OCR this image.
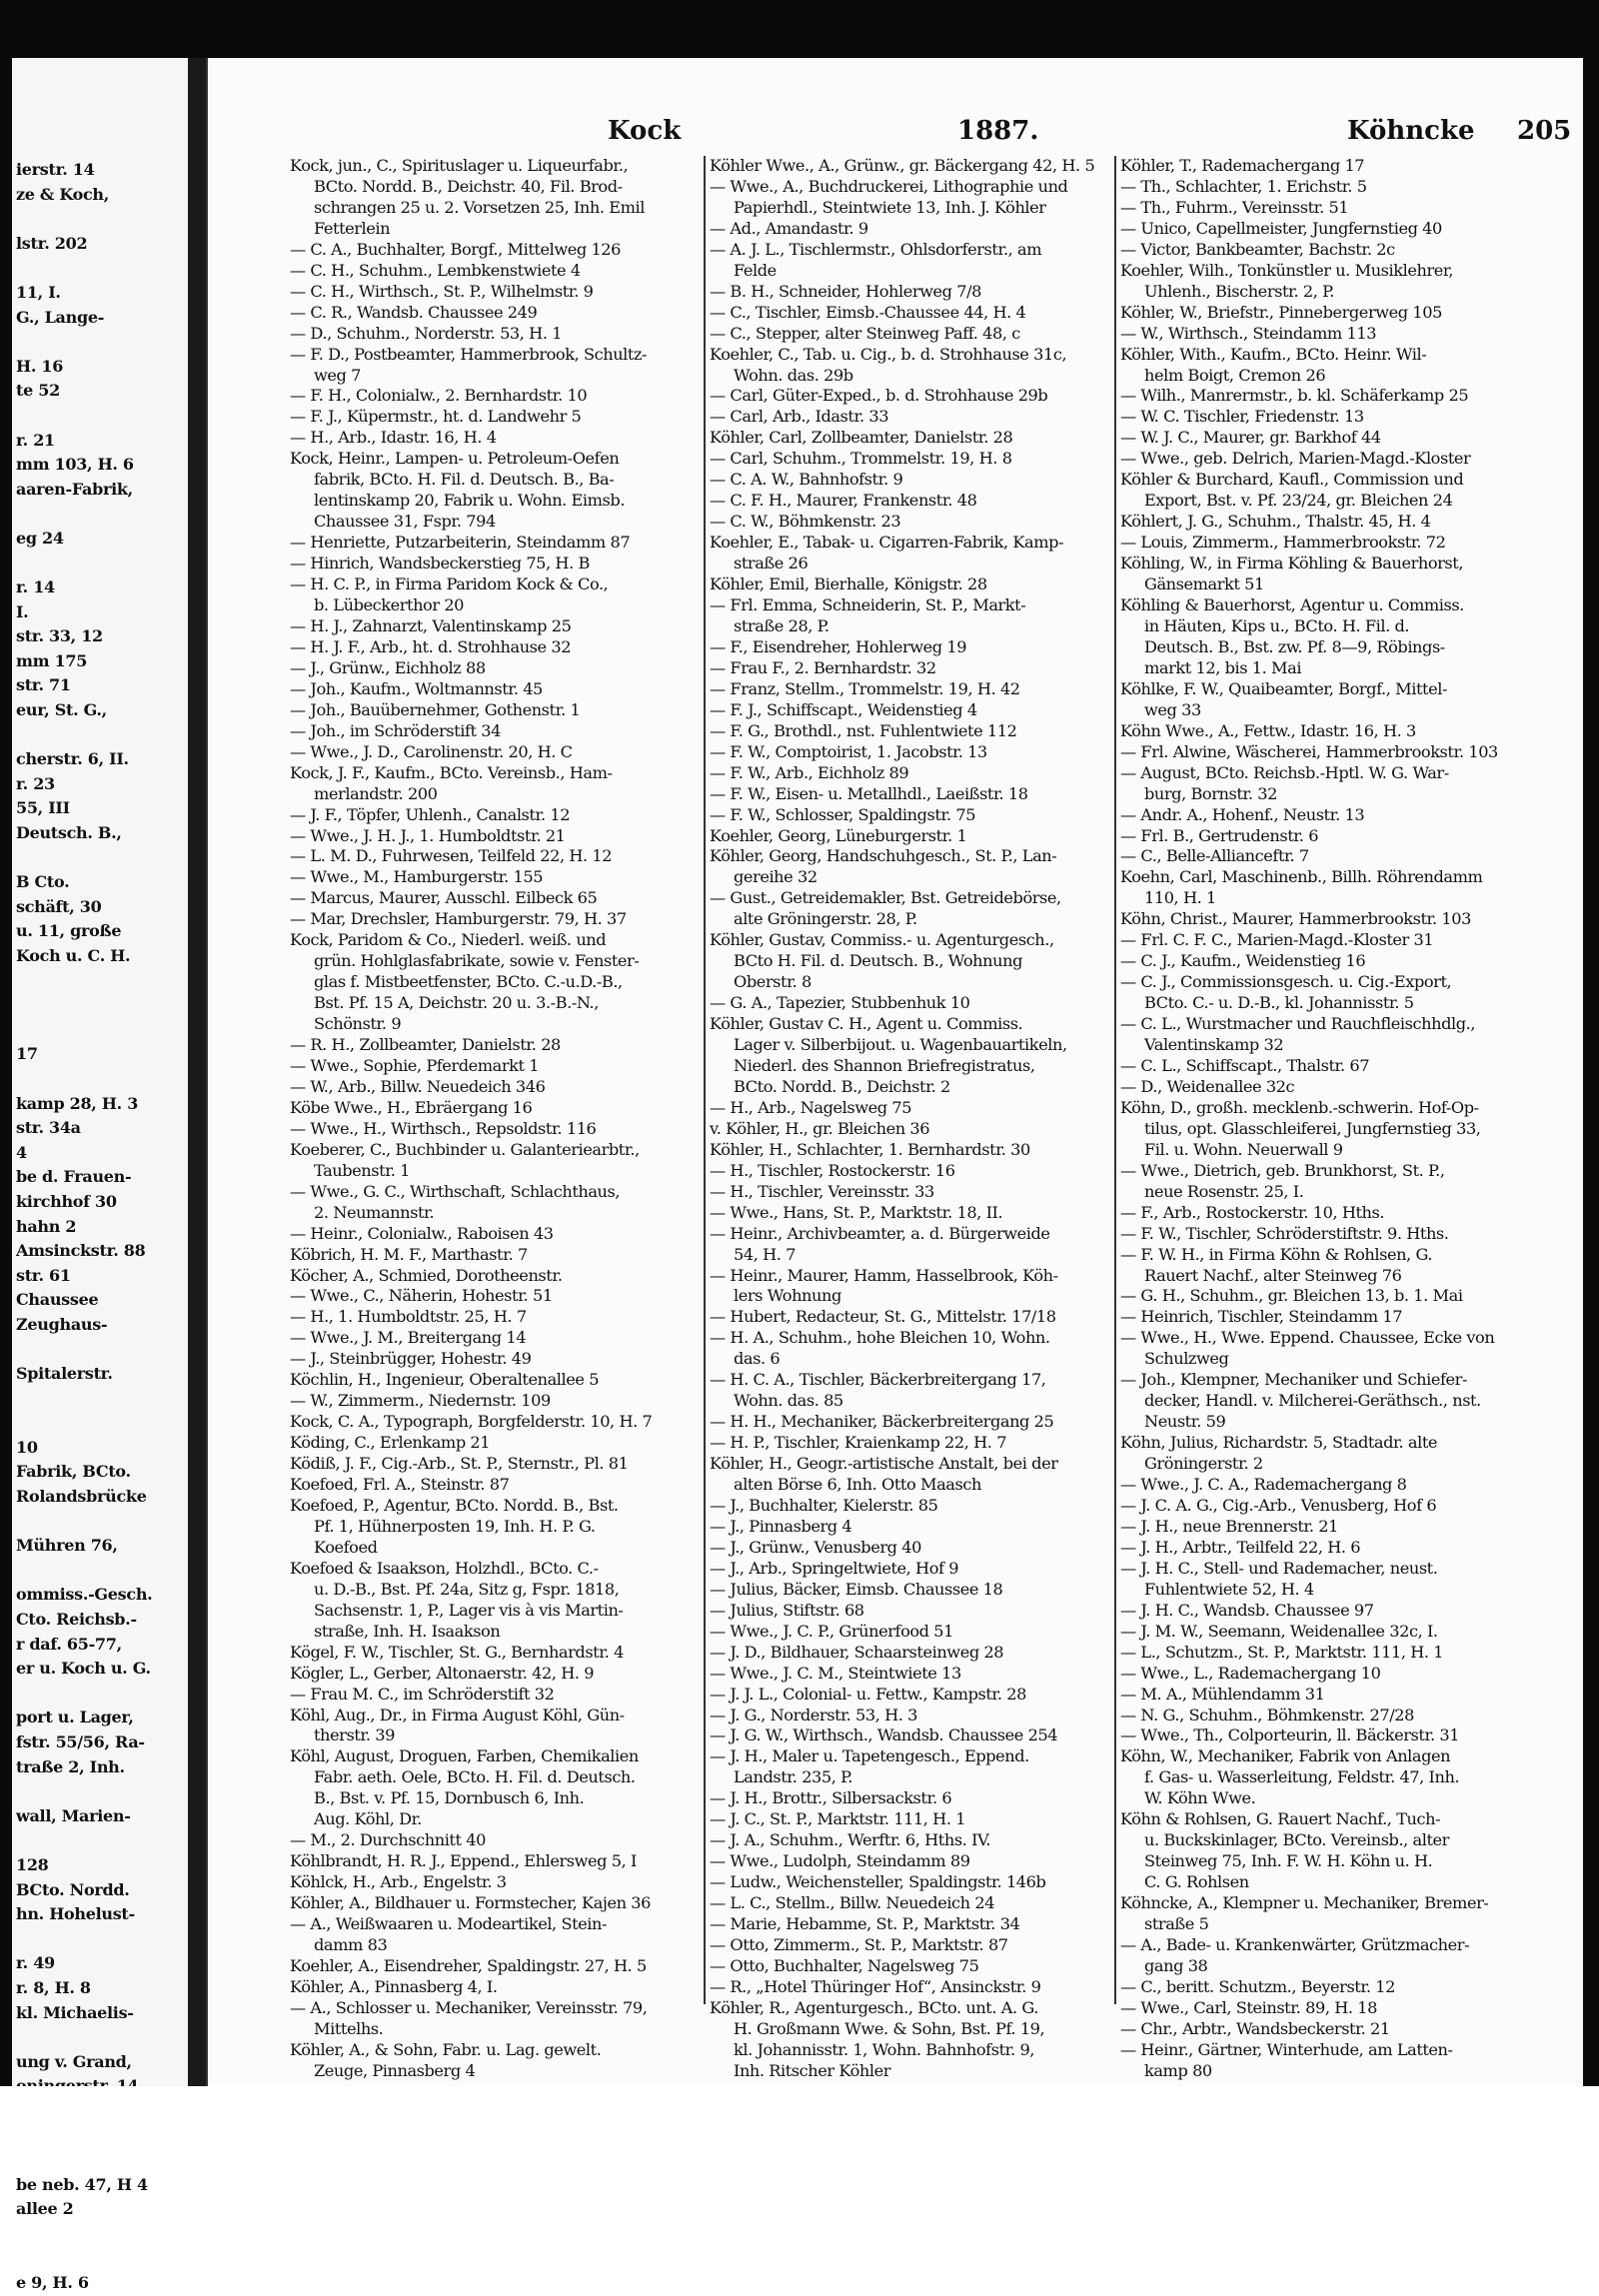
ierstr. 14
ze & Koch,

lstr. 202

11, I.
G., Lange-

H. 16
te 52

r. 21
mm 103, H. 6
aaren-Fabrik,

eg 24

r. 14
I.
str. 33, 12
mm 175
str. 71
eur, St. G.,

cherstr. 6, II.
r. 23
55, III
Deutsch. B.,

B Cto.
schäft, 30
u. 11, große
Koch u. C. H.

17

kamp 28, H. 3
str. 34a
4
be d. Frauen-
kirchhof 30
hahn 2
Amsinckstr. 88
str. 61
Chaussee
Zeughaus-

Spitalerstr.

10
Fabrik, BCto.
Rolandsbrücke

Mühren 76,

ommiss.-Gesch.
Cto. Reichsb.-
r daf. 65-77,
er u. Koch u. G.

port u. Lager,
fstr. 55/56, Ra-
traße 2, Inh.

wall, Marien-

128
BCto. Nordd.
hn. Hohelust-

r. 49
r. 8, H. 8
kl. Michaelis-

ung v. Grand,

be neb. 47, H 4
allee 2

e 9, H. 6
Kock	1887.	Köhncke 205
Kock, jun., C., Spirituslager u. Liqueurfabr.,
BCto. Nordd. B., Deichstr. 40, Fil. Brod-
schrangen 25 u. 2. Vorsetzen 25, Inh. Emil
Fetterlein
— C. A., Buchhalter, Borgf., Mittelweg 126
— C. H., Schuhm., Lembkenstwiete 4
— C. H., Wirthsch., St. P., Wilhelmstr. 9
— C. R., Wandsb. Chaussee 249
— D., Schuhm., Norderstr. 53, H. 1
— F. D., Postbeamter, Hammerbrook, Schultz-
weg 7
— F. H., Colonialw., 2. Bernhardstr. 10
— F. J., Küpermstr., ht. d. Landwehr 5
— H., Arb., Idastr. 16, H. 4
Kock, Heinr., Lampen- u. Petroleum-Oefen
fabrik, BCto. H. Fil. d. Deutsch. B., Ba-
lentinskamp 20, Fabrik u. Wohn. Eimsb.
Chaussee 31, Fspr. 794
— Henriette, Putzarbeiterin, Steindamm 87
— Hinrich, Wandsbeckerstieg 75, H. B
— H. C. P., in Firma Paridom Kock & Co.,
b. Lübeckerthor 20
— H. J., Zahnarzt, Valentinskamp 25
— H. J. F., Arb., ht. d. Strohhause 32
— J., Grünw., Eichholz 88
— Joh., Kaufm., Woltmannstr. 45
— Joh., Bauübernehmer, Gothenstr. 1
— Joh., im Schröderstift 34
— Wwe., J. D., Carolinenstr. 20, H. C
Kock, J. F., Kaufm., BCto. Vereinsb., Ham-
merlandstr. 200
— J. F., Töpfer, Uhlenh., Canalstr. 12
— Wwe., J. H. J., 1. Humboldtstr. 21
— L. M. D., Fuhrwesen, Teilfeld 22, H. 12
— Wwe., M., Hamburgerstr. 155
— Marcus, Maurer, Ausschl. Eilbeck 65
— Mar, Drechsler, Hamburgerstr. 79, H. 37
Kock, Paridom & Co., Niederl. weiß. und
grün. Hohlglasfabrikate, sowie v. Fenster-
glas f. Mistbeetfenster, BCto. C.-u.D.-B.,
Bst. Pf. 15 A, Deichstr. 20 u. 3.-B.-N.,
Schönstr. 9
— R. H., Zollbeamter, Danielstr. 28
— Wwe., Sophie, Pferdemarkt 1
— W., Arb., Billw. Neuedeich 346
Köbe Wwe., H., Ebräergang 16
— Wwe., H., Wirthsch., Repsoldstr. 116
Koeberer, C., Buchbinder u. Galanteriearbtr.,
Taubenstr. 1
— Wwe., G. C., Wirthschaft, Schlachthaus,
2. Neumannstr.
— Heinr., Colonialw., Raboisen 43
Köbrich, H. M. F., Marthastr. 7
Köcher, A., Schmied, Dorotheenstr.
— Wwe., C., Näherin, Hohestr. 51
— H., 1. Humboldtstr. 25, H. 7
— Wwe., J. M., Breitergang 14
— J., Steinbrügger, Hohestr. 49
Köchlin, H., Ingenieur, Oberaltenallee 5
— W., Zimmerm., Niedernstr. 109
Kock, C. A., Typograph, Borgfelderstr. 10, H. 7
Köding, C., Erlenkamp 21
Ködiß, J. F., Cig.-Arb., St. P., Sternstr., Pl. 81
Koefoed, Frl. A., Steinstr. 87
Koefoed, P., Agentur, BCto. Nordd. B., Bst.
Pf. 1, Hühnerposten 19, Inh. H. P. G.
Koefoed
Koefoed & Isaakson, Holzhdl., BCto. C.-
u. D.-B., Bst. Pf. 24a, Sitz g, Fspr. 1818,
Sachsenstr. 1, P., Lager vis à vis Martin-
straße, Inh. H. Isaakson
Kögel, F. W., Tischler, St. G., Bernhardstr. 4
Kögler, L., Gerber, Altonaerstr. 42, H. 9
— Frau M. C., im Schröderstift 32
Köhl, Aug., Dr., in Firma August Köhl, Gün-
therstr. 39
Köhl, August, Droguen, Farben, Chemikalien
Fabr. aeth. Oele, BCto. H. Fil. d. Deutsch.
B., Bst. v. Pf. 15, Dornbusch 6, Inh.
Aug. Köhl, Dr.
— M., 2. Durchschnitt 40
Köhlbrandt, H. R. J., Eppend., Ehlersweg 5, I
Köhlck, H., Arb., Engelstr. 3
Köhler, A., Bildhauer u. Formstecher, Kajen 36
— A., Weißwaaren u. Modeartikel, Stein-
damm 83
Koehler, A., Eisendreher, Spaldingstr. 27, H. 5
Köhler, A., Pinnasberg 4, I.
— A., Schlosser u. Mechaniker, Vereinsstr. 79,
Mittelhs.
Köhler, A., & Sohn, Fabr. u. Lag. gewelt.
Zeuge, Pinnasberg 4
Köhler Wwe., A., Grünw., gr. Bäckergang 42, H. 5
— Wwe., A., Buchdruckerei, Lithographie und
Papierhdl., Steintwiete 13, Inh. J. Köhler
— Ad., Amandastr. 9
— A. J. L., Tischlermstr., Ohlsdorferstr., am
Felde
— B. H., Schneider, Hohlerweg 7/8
— C., Tischler, Eimsb.-Chaussee 44, H. 4
— C., Stepper, alter Steinweg Paff. 48, c
Koehler, C., Tab. u. Cig., b. d. Strohhause 31c,
Wohn. das. 29b
— Carl, Güter-Exped., b. d. Strohhause 29b
— Carl, Arb., Idastr. 33
Köhler, Carl, Zollbeamter, Danielstr. 28
— Carl, Schuhm., Trommelstr. 19, H. 8
— C. A. W., Bahnhofstr. 9
— C. F. H., Maurer, Frankenstr. 48
— C. W., Böhmkenstr. 23
Koehler, E., Tabak- u. Cigarren-Fabrik, Kamp-
straße 26
Köhler, Emil, Bierhalle, Königstr. 28
— Frl. Emma, Schneiderin, St. P., Markt-
straße 28, P.
— F., Eisendreher, Hohlerweg 19
— Frau F., 2. Bernhardstr. 32
— Franz, Stellm., Trommelstr. 19, H. 42
— F. J., Schiffscapt., Weidenstieg 4
— F. G., Brothdl., nst. Fuhlentwiete 112
— F. W., Comptoirist, 1. Jacobstr. 13
— F. W., Arb., Eichholz 89
— F. W., Eisen- u. Metallhdl., Laeißstr. 18
— F. W., Schlosser, Spaldingstr. 75
Koehler, Georg, Lüneburgerstr. 1
Köhler, Georg, Handschuhgesch., St. P., Lan-
gereihe 32
— Gust., Getreidemakler, Bst. Getreidebörse,
alte Gröningerstr. 28, P.
Köhler, Gustav, Commiss.- u. Agenturgesch.,
BCto H. Fil. d. Deutsch. B., Wohnung
Oberstr. 8
— G. A., Tapezier, Stubbenhuk 10
Köhler, Gustav C. H., Agent u. Commiss.
Lager v. Silberbijout. u. Wagenbauartikeln,
Niederl. des Shannon Briefregistratus,
BCto. Nordd. B., Deichstr. 2
— H., Arb., Nagelsweg 75
v. Köhler, H., gr. Bleichen 36
Köhler, H., Schlachter, 1. Bernhardstr. 30
— H., Tischler, Rostockerstr. 16
— H., Tischler, Vereinsstr. 33
— Wwe., Hans, St. P., Marktstr. 18, II.
— Heinr., Archivbeamter, a. d. Bürgerweide
54, H. 7
— Heinr., Maurer, Hamm, Hasselbrook, Köh-
lers Wohnung
— Hubert, Redacteur, St. G., Mittelstr. 17/18
— H. A., Schuhm., hohe Bleichen 10, Wohn.
das. 6
— H. C. A., Tischler, Bäckerbreitergang 17,
Wohn. das. 85
— H. H., Mechaniker, Bäckerbreitergang 25
— H. P., Tischler, Kraienkamp 22, H. 7
Köhler, H., Geogr.-artistische Anstalt, bei der
alten Börse 6, Inh. Otto Maasch
— J., Buchhalter, Kielerstr. 85
— J., Pinnasberg 4
— J., Grünw., Venusberg 40
— J., Arb., Springeltwiete, Hof 9
— Julius, Bäcker, Eimsb. Chaussee 18
— Julius, Stiftstr. 68
— Wwe., J. C. P., Grünerfood 51
— J. D., Bildhauer, Schaarsteinweg 28
— Wwe., J. C. M., Steintwiete 13
— J. J. L., Colonial- u. Fettw., Kampstr. 28
— J. G., Norderstr. 53, H. 3
— J. G. W., Wirthsch., Wandsb. Chaussee 254
— J. H., Maler u. Tapetengesch., Eppend.
Landstr. 235, P.
— J. H., Brottr., Silbersackstr. 6
— J. C., St. P., Marktstr. 111, H. 1
— J. A., Schuhm., Werftr. 6, Hths. IV.
— Wwe., Ludolph, Steindamm 89
— Ludw., Weichensteller, Spaldingstr. 146b
— L. C., Stellm., Billw. Neuedeich 24
— Marie, Hebamme, St. P., Marktstr. 34
— Otto, Zimmerm., St. P., Marktstr. 87
— Otto, Buchhalter, Nagelsweg 75
— R., „Hotel Thüringer Hof“, Ansinckstr. 9
Köhler, R., Agenturgesch., BCto. unt. A. G.
H. Großmann Wwe. & Sohn, Bst. Pf. 19,
kl. Johannisstr. 1, Wohn. Bahnhofstr. 9,
Inh. Ritscher Köhler
Köhler, T., Rademachergang 17
— Th., Schlachter, 1. Erichstr. 5
— Th., Fuhrm., Vereinsstr. 51
— Unico, Capellmeister, Jungfernstieg 40
— Victor, Bankbeamter, Bachstr. 2c
Koehler, Wilh., Tonkünstler u. Musiklehrer,
Uhlenh., Bischerstr. 2, P.
Köhler, W., Briefstr., Pinnebergerweg 105
— W., Wirthsch., Steindamm 113
Köhler, With., Kaufm., BCto. Heinr. Wil-
helm Boigt, Cremon 26
— Wilh., Manrermstr., b. kl. Schäferkamp 25
— W. C. Tischler, Friedenstr. 13
— W. J. C., Maurer, gr. Barkhof 44
— Wwe., geb. Delrich, Marien-Magd.-Kloster
Köhler & Burchard, Kaufl., Commission und
Export, Bst. v. Pf. 23/24, gr. Bleichen 24
Köhlert, J. G., Schuhm., Thalstr. 45, H. 4
— Louis, Zimmerm., Hammerbrookstr. 72
Köhling, W., in Firma Köhling & Bauerhorst,
Gänsemarkt 51
Köhling & Bauerhorst, Agentur u. Commiss.
in Häuten, Kips u., BCto. H. Fil. d.
Deutsch. B., Bst. zw. Pf. 8—9, Röbings-
markt 12, bis 1. Mai
Köhlke, F. W., Quaibeamter, Borgf., Mittel-
weg 33
Köhn Wwe., A., Fettw., Idastr. 16, H. 3
— Frl. Alwine, Wäscherei, Hammerbrookstr. 103
— August, BCto. Reichsb.-Hptl. W. G. War-
burg, Bornstr. 32
— Andr. A., Hohenf., Neustr. 13
— Frl. B., Gertrudenstr. 6
— C., Belle-Allianceftr. 7
Koehn, Carl, Maschinenb., Billh. Röhrendamm
110, H. 1
Köhn, Christ., Maurer, Hammerbrookstr. 103
— Frl. C. F. C., Marien-Magd.-Kloster 31
— C. J., Kaufm., Weidenstieg 16
— C. J., Commissionsgesch. u. Cig.-Export,
BCto. C.- u. D.-B., kl. Johannisstr. 5
— C. L., Wurstmacher und Rauchfleischhdlg.,
Valentinskamp 32
— C. L., Schiffscapt., Thalstr. 67
— D., Weidenallee 32c
Köhn, D., großh. mecklenb.-schwerin. Hof-Op-
tilus, opt. Glasschleiferei, Jungfernstieg 33,
Fil. u. Wohn. Neuerwall 9
— Wwe., Dietrich, geb. Brunkhorst, St. P.,
neue Rosenstr. 25, I.
— F., Arb., Rostockerstr. 10, Hths.
— F. W., Tischler, Schröderstiftstr. 9. Hths.
— F. W. H., in Firma Köhn & Rohlsen, G.
Rauert Nachf., alter Steinweg 76
— G. H., Schuhm., gr. Bleichen 13, b. 1. Mai
— Heinrich, Tischler, Steindamm 17
— Wwe., H., Wwe. Eppend. Chaussee, Ecke von
Schulzweg
— Joh., Klempner, Mechaniker und Schiefer-
decker, Handl. v. Milcherei-Geräthsch., nst.
Neustr. 59
Köhn, Julius, Richardstr. 5, Stadtadr. alte
Gröningerstr. 2
— Wwe., J. C. A., Rademachergang 8
— J. C. A. G., Cig.-Arb., Venusberg, Hof 6
— J. H., neue Brennerstr. 21
— J. H., Arbtr., Teilfeld 22, H. 6
— J. H. C., Stell- und Rademacher, neust.
Fuhlentwiete 52, H. 4
— J. H. C., Wandsb. Chaussee 97
— J. M. W., Seemann, Weidenallee 32c, I.
— L., Schutzm., St. P., Marktstr. 111, H. 1
— Wwe., L., Rademachergang 10
— M. A., Mühlendamm 31
— N. G., Schuhm., Böhmkenstr. 27/28
— Wwe., Th., Colporteurin, ll. Bäckerstr. 31
Köhn, W., Mechaniker, Fabrik von Anlagen
f. Gas- u. Wasserleitung, Feldstr. 47, Inh.
W. Köhn Wwe.
Köhn & Rohlsen, G. Rauert Nachf., Tuch-
u. Buckskinlager, BCto. Vereinsb., alter
Steinweg 75, Inh. F. W. H. Köhn u. H.
C. G. Rohlsen
Köhncke, A., Klempner u. Mechaniker, Bremer-
straße 5
— A., Bade- u. Krankenwärter, Grützmacher-
gang 38
— C., beritt. Schutzm., Beyerstr. 12
— Wwe., Carl, Steinstr. 89, H. 18
— Chr., Arbtr., Wandsbeckerstr. 21
— Heinr., Gärtner, Winterhude, am Latten-
kamp 80
